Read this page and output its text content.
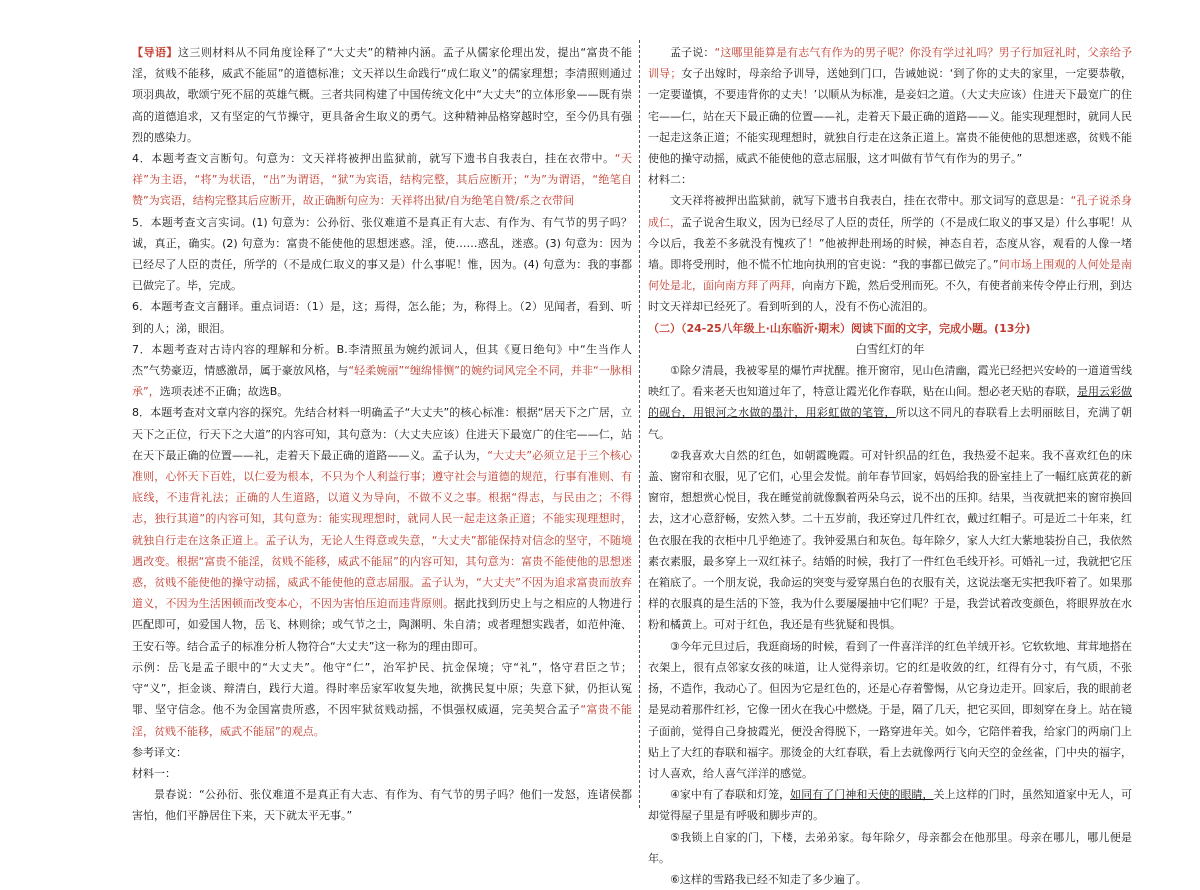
【导语】这三则材料从不同角度诠释了“大丈夫”的精神内涵。孟子从儒家伦理出发，提出“富贵不能淫，贫贱不能移，威武不能屈”的道德标准；文天祥以生命践行“成仁取义”的儒家理想；李清照则通过项羽典故，歌颂宁死不屈的英雄气概。三者共同构建了中国传统文化中“大丈夫”的立体形象——既有崇高的道德追求，又有坚定的气节操守，更具备舍生取义的勇气。这种精神品格穿越时空，至今仍具有强烈的感染力。

4．本题考查文言断句。句意为：文天祥将被押出监狱前，就写下遗书自我表白，挂在衣带中。“天祥”为主语，“将”为状语，“出”为谓语，“狱”为宾语，结构完整，其后应断开；“为”为谓语，“绝笔自赞”为宾语，结构完整其后应断开，故正确断句应为：天祥将出狱/自为绝笔自赞/系之衣带间

5．本题考查文言实词。(1) 句意为：公孙衍、张仪难道不是真正有大志、有作为、有气节的男子吗？诚，真正，确实。(2) 句意为：富贵不能使他的思想迷惑。淫，使……惑乱，迷惑。(3) 句意为：因为已经尽了人臣的责任，所学的（不是成仁取义的事又是）什么事呢！惟，因为。(4) 句意为：我的事都已做完了。毕，完成。

6．本题考查文言翻译。重点词语：（1）是，这；焉得，怎么能；为，称得上。（2）见闻者，看到、听到的人；涕，眼泪。

7．本题考查对古诗内容的理解和分析。B.李清照虽为婉约派词人，但其《夏日绝句》中“生当作人杰”气势豪迈，情感激昂，属于豪放风格，与“轻柔婉丽”“缠绵悱恻”的婉约词风完全不同，并非“一脉相承”，选项表述不正确；故选B。

8．本题考查对文章内容的探究。先结合材料一明确孟子“大丈夫”的核心标准：根据“居天下之广居，立天下之正位，行天下之大道”的内容可知，其句意为：（大丈夫应该）住进天下最宽广的住宅——仁，站在天下最正确的位置——礼，走着天下最正确的道路——义。孟子认为，“大丈夫”必须立足于三个核心准则，心怀天下百姓，以仁爱为根本，不只为个人利益行事；遵守社会与道德的规范，行事有准则、有底线，不违背礼法；正确的人生道路，以道义为导向，不做不义之事。根据“得志，与民由之；不得志，独行其道”的内容可知，其句意为：能实现理想时，就同人民一起走这条正道；不能实现理想时，就独自行走在这条正道上。孟子认为，无论人生得意或失意，“大丈夫”都能保持对信念的坚守，不随境遇改变。根据“富贵不能淫，贫贱不能移，威武不能屈”的内容可知，其句意为：富贵不能使他的思想迷惑，贫贱不能使他的操守动摇，威武不能使他的意志屈服。孟子认为，“大丈夫”不因为追求富贵而放弃道义，不因为生活困顿而改变本心，不因为害怕压迫而违背原则。据此找到历史上与之相应的人物进行匹配即可，如爱国人物，岳飞、林则徐；或气节之士，陶渊明、朱自清；或者理想实践者，如范仲淹、王安石等。结合孟子的标准分析人物符合“大丈夫”这一称为的理由即可。

示例：岳飞是孟子眼中的“大丈夫”。他守“仁”，治军护民、抗金保境；守“礼”，恪守君臣之节；守“义”，拒金谈、辩清白，践行大道。得时率岳家军收复失地，欲携民复中原；失意下狱，仍拒认冤罪、坚守信念。他不为金国富贵所惑，不因牢狱贫贱动摇，不惧强权威逼，完美契合孟子“富贵不能淫，贫贱不能移，威武不能屈”的观点。

参考译文：

材料一：

景春说：“公孙衍、张仪难道不是真正有大志、有作为、有气节的男子吗？他们一发怒，连诸侯都害怕，他们平静居住下来，天下就太平无事。”

孟子说：“这哪里能算是有志气有作为的男子呢？你没有学过礼吗？男子行加冠礼时，父亲给予训导；女子出嫁时，母亲给予训导，送她到门口，告诫她说：‘到了你的丈夫的家里，一定要恭敬，一定要谨慎，不要违背你的丈夫！’以顺从为标准，是妾妇之道。（大丈夫应该）住进天下最宽广的住宅——仁，站在天下最正确的位置——礼，走着天下最正确的道路——义。能实现理想时，就同人民一起走这条正道；不能实现理想时，就独自行走在这条正道上。富贵不能使他的思想迷惑，贫贱不能使他的操守动摇，威武不能使他的意志屈服，这才叫做有节气有作为的男子。”

材料二：

文天祥将被押出监狱前，就写下遗书自我表白，挂在衣带中。那文词写的意思是：“孔子说杀身成仁，孟子说舍生取义，因为已经尽了人臣的责任，所学的（不是成仁取义的事又是）什么事呢！从今以后，我差不多就没有愧疚了！”他被押赴刑场的时候，神态自若，态度从容，观看的人像一堵墙。即将受刑时，他不慌不忙地向执刑的官吏说：“我的事都已做完了。”问市场上围观的人何处是南何处是北，面向南方拜了两拜，向南方下跪，然后受刑而死。不久，有使者前来传令停止行刑，到达时文天祥却已经死了。看到听到的人，没有不伤心流泪的。

（二）（24-25八年级上·山东临沂·期末）阅读下面的文字，完成小题。(13分)

白雪红灯的年

①除夕清晨，我被零星的爆竹声扰醒。推开窗帘，见山色清幽，霞光已经把兴安岭的一道道雪线映红了。看来老天也知道过年了，特意让霞光化作春联，贴在山间。想必老天贴的春联，是用云彩做的砚台，用银河之水做的墨汁，用彩虹做的笔管，所以这不同凡的春联看上去明丽眩目，充满了朝气。

②我喜欢大自然的红色，如朝霞晚霞。可对针织品的红色，我热爱不起来。我不喜欢红色的床盖、窗帘和衣服，见了它们，心里会发慌。前年春节回家，妈妈给我的卧室挂上了一幅红底黄花的新窗帘，想想赏心悦目，我在睡觉前就像飘着两朵乌云，说不出的压抑。结果，当夜就把来的窗帘换回去，这才心意舒畅，安然入梦。二十五岁前，我还穿过几件红衣，戴过红帽子。可是近二十年来，红色衣服在我的衣柜中几乎绝迹了。我钟爱黑白和灰色。每年除夕，家人大红大紫地装扮自己，我依然素衣素服，最多穿上一双红袜子。结婚的时候，我打了一件红色毛线开衫。可婚礼一过，我就把它压在箱底了。一个朋友说，我命运的突变与爱穿黑白色的衣服有关，这说法毫无实把我吓着了。如果那样的衣服真的是生活的下签，我为什么要屡屡抽中它们呢？于是，我尝试着改变颜色，将眼界放在水粉和橘黄上。可对于红色，我还是有些犹疑和畏惧。

③今年元旦过后，我逛商场的时候，看到了一件喜洋洋的红色羊绒开衫。它软软地、茸茸地搭在衣架上，很有点邻家女孩的味道，让人觉得亲切。它的红是收敛的红，红得有分寸，有气质，不张扬，不造作，我动心了。但因为它是红色的，还是心存着警惕，从它身边走开。回家后，我的眼前老是晃动着那件红衫，它像一团火在我心中燃烧。于是，隔了几天，把它买回，即刻穿在身上。站在镜子面前，觉得自己身披霞光，便没舍得脱下，一路穿进年关。如今，它陪伴着我，给家门的两扇门上贴上了大红的春联和福字。那烫金的大红春联，看上去就像两行飞向天空的金丝雀，门中央的福字，讨人喜欢，给人喜气洋洋的感觉。

④家中有了春联和灯笼，如同有了门神和天使的眼睛，关上这样的门时，虽然知道家中无人，可却觉得屋子里是有呼吸和脚步声的。

⑤我锁上自家的门，下楼，去弟弟家。每年除夕，母亲都会在他那里。母亲在哪儿，哪儿便是年。

⑥这样的雪路我已经不知走了多少遍了。
